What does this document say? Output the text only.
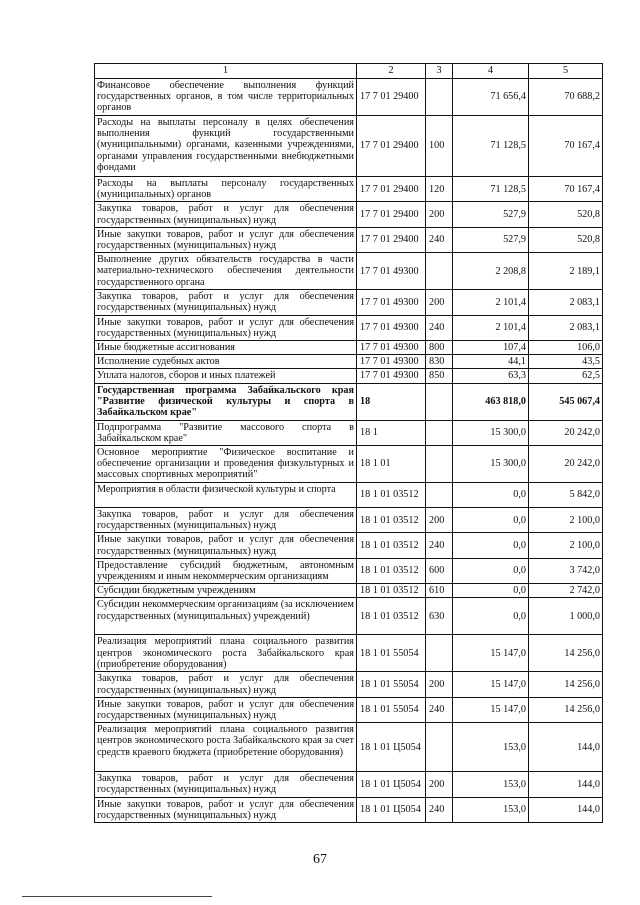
1	2	3	4	5
Финансовое обеспечение выполнения функций государственных органов, в том числе территориальных органов	17 7 01 29400		71 656,4	70 688,2
Расходы на выплаты персоналу в целях обеспечения выполнения функций государственными (муниципальными) органами, казенными учреждениями, органами управления государственными внебюджетными фондами	17 7 01 29400	100	71 128,5	70 167,4
Расходы на выплаты персоналу государственных (муниципальных) органов	17 7 01 29400	120	71 128,5	70 167,4
Закупка товаров, работ и услуг для обеспечения государственных (муниципальных) нужд	17 7 01 29400	200	527,9	520,8
Иные закупки товаров, работ и услуг для обеспечения государственных (муниципальных) нужд	17 7 01 29400	240	527,9	520,8
Выполнение других обязательств государства в части материально-технического обеспечения деятельности государственного органа	17 7 01 49300		2 208,8	2 189,1
Закупка товаров, работ и услуг для обеспечения государственных (муниципальных) нужд	17 7 01 49300	200	2 101,4	2 083,1
Иные закупки товаров, работ и услуг для обеспечения государственных (муниципальных) нужд	17 7 01 49300	240	2 101,4	2 083,1
Иные бюджетные ассигнования	17 7 01 49300	800	107,4	106,0
Исполнение судебных актов	17 7 01 49300	830	44,1	43,5
Уплата налогов, сборов и иных платежей	17 7 01 49300	850	63,3	62,5
Государственная программа Забайкальского края "Развитие физической культуры и спорта в Забайкальском крае"	18		463 818,0	545 067,4
Подпрограмма "Развитие массового спорта в Забайкальском крае"	18 1		15 300,0	20 242,0
Основное мероприятие "Физическое воспитание и обеспечение организации и проведения физкультурных и массовых спортивных мероприятий"	18 1 01		15 300,0	20 242,0
Мероприятия в области физической культуры и спорта	18 1 01 03512		0,0	5 842,0
Закупка товаров, работ и услуг для обеспечения государственных (муниципальных) нужд	18 1 01 03512	200	0,0	2 100,0
Иные закупки товаров, работ и услуг для обеспечения государственных (муниципальных) нужд	18 1 01 03512	240	0,0	2 100,0
Предоставление субсидий бюджетным, автономным учреждениям и иным некоммерческим организациям	18 1 01 03512	600	0,0	3 742,0
Субсидии бюджетным учреждениям	18 1 01 03512	610	0,0	2 742,0
Субсидии некоммерческим организациям (за исключением государственных (муниципальных) учреждений)	18 1 01 03512	630	0,0	1 000,0
Реализация мероприятий плана социального развития центров экономического роста Забайкальского края (приобретение оборудования)	18 1 01 55054		15 147,0	14 256,0
Закупка товаров, работ и услуг для обеспечения государственных (муниципальных) нужд	18 1 01 55054	200	15 147,0	14 256,0
Иные закупки товаров, работ и услуг для обеспечения государственных (муниципальных) нужд	18 1 01 55054	240	15 147,0	14 256,0
Реализация мероприятий плана социального развития центров экономического роста Забайкальского края за счет средств краевого бюджета (приобретение оборудования)	18 1 01 Ц5054		153,0	144,0
Закупка товаров, работ и услуг для обеспечения государственных (муниципальных) нужд	18 1 01 Ц5054	200	153,0	144,0
Иные закупки товаров, работ и услуг для обеспечения государственных (муниципальных) нужд	18 1 01 Ц5054	240	153,0	144,0
67
